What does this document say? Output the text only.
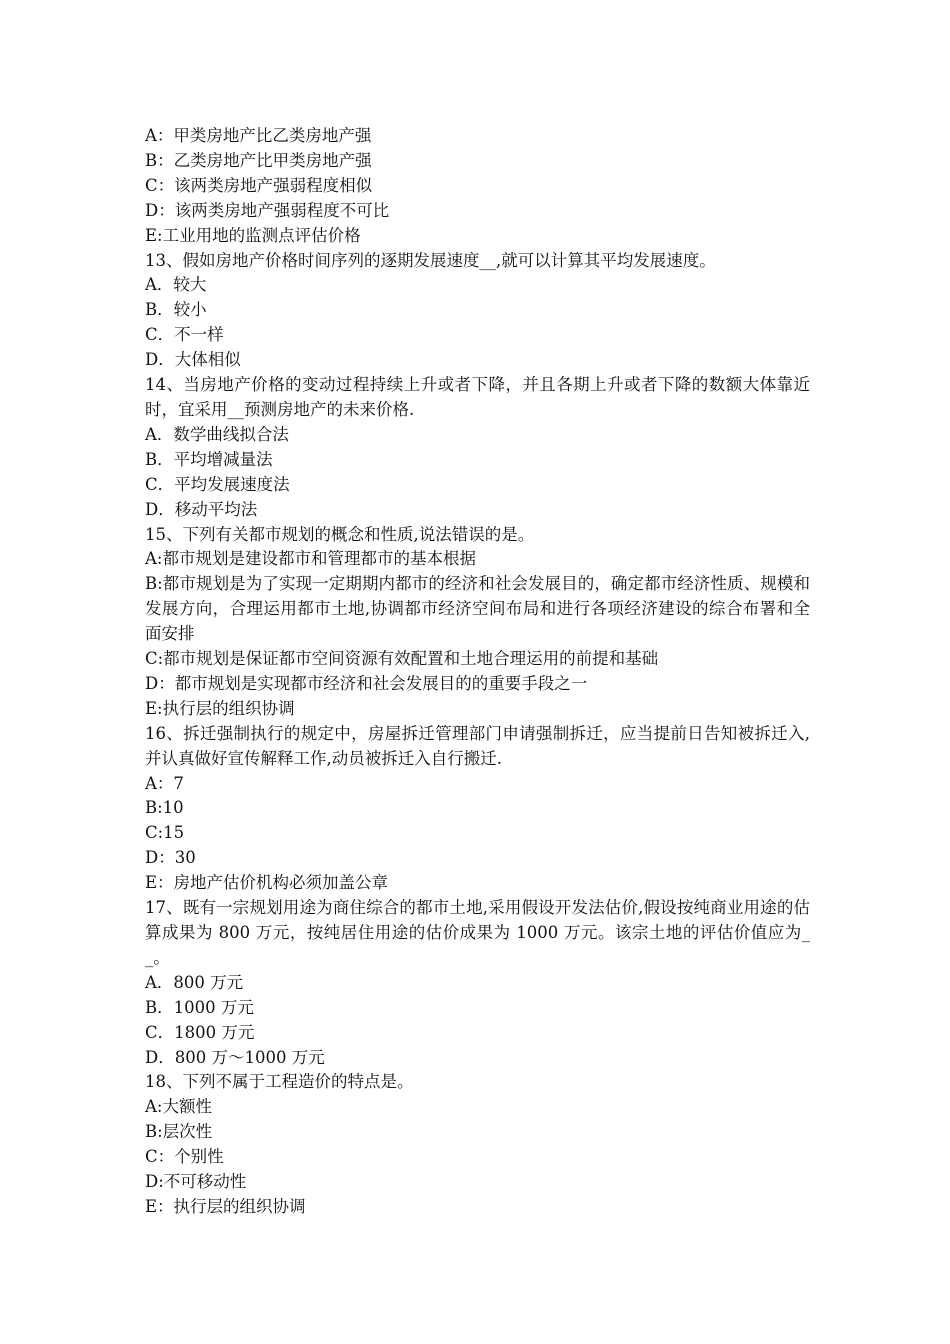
A：甲类房地产比乙类房地产强

B：乙类房地产比甲类房地产强

C：该两类房地产强弱程度相似

D：该两类房地产强弱程度不可比

E:工业用地的监测点评估价格

13、假如房地产价格时间序列的逐期发展速度__,就可以计算其平均发展速度。

A．较大

B．较小

C．不一样

D．大体相似

14、当房地产价格的变动过程持续上升或者下降，并且各期上升或者下降的数额大体靠近时，宜采用__预测房地产的未来价格.

A．数学曲线拟合法

B．平均增减量法

C．平均发展速度法

D．移动平均法

15、下列有关都市规划的概念和性质,说法错误的是。

A:都市规划是建设都市和管理都市的基本根据

B:都市规划是为了实现一定期期内都市的经济和社会发展目的，确定都市经济性质、规模和发展方向，合理运用都市土地,协调都市经济空间布局和进行各项经济建设的综合布署和全面安排

C:都市规划是保证都市空间资源有效配置和土地合理运用的前提和基础

D：都市规划是实现都市经济和社会发展目的的重要手段之一

E:执行层的组织协调

16、拆迁强制执行的规定中，房屋拆迁管理部门申请强制拆迁，应当提前日告知被拆迁入,并认真做好宣传解释工作,动员被拆迁入自行搬迁.

A：7

B:10

C:15

D：30

E：房地产估价机构必须加盖公章

17、既有一宗规划用途为商住综合的都市土地,采用假设开发法估价,假设按纯商业用途的估算成果为 800 万元，按纯居住用途的估价成果为 1000 万元。该宗土地的评估价值应为__。

A．800 万元

B．1000 万元

C．1800 万元

D．800 万～1000 万元

18、下列不属于工程造价的特点是。

A:大额性

B:层次性

C：个别性

D:不可移动性

E：执行层的组织协调
